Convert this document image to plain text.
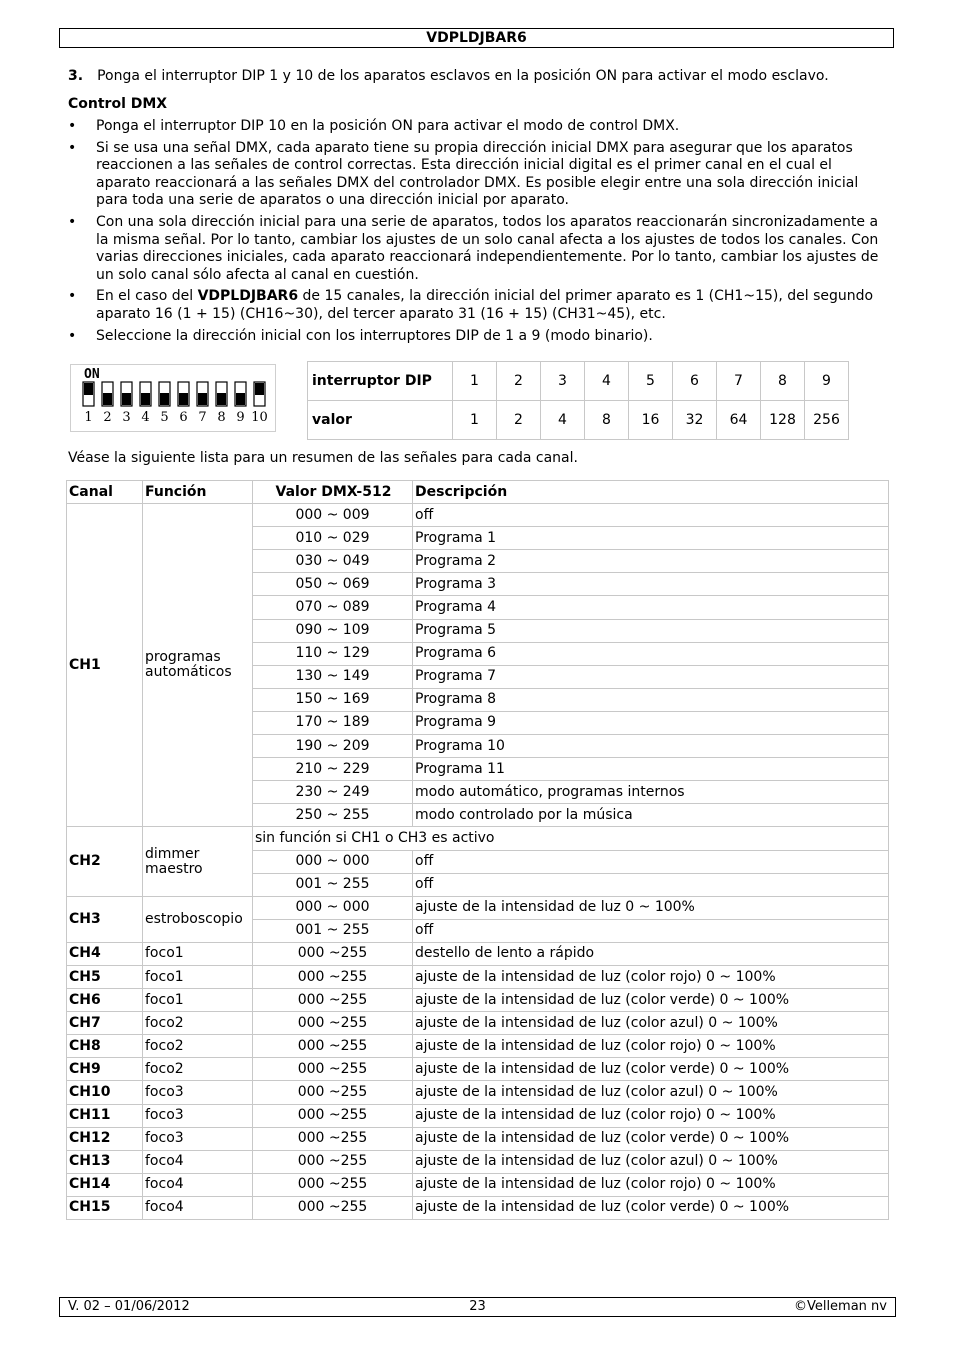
VDPLDJBAR6
3. Ponga el interruptor DIP 1 y 10 de los aparatos esclavos en la posición ON para activar el modo esclavo.
Control DMX
• Ponga el interruptor DIP 10 en la posición ON para activar el modo de control DMX.
• Si se usa una señal DMX, cada aparato tiene su propia dirección inicial DMX para asegurar que los aparatos reaccionen a las señales de control correctas. Esta dirección inicial digital es el primer canal en el cual el aparato reaccionará a las señales DMX del controlador DMX. Es posible elegir entre una sola dirección inicial para toda una serie de aparatos o una dirección inicial por aparato.
• Con una sola dirección inicial para una serie de aparatos, todos los aparatos reaccionarán sincronizadamente a la misma señal. Por lo tanto, cambiar los ajustes de un solo canal afecta a los ajustes de todos los canales. Con varias direcciones iniciales, cada aparato reaccionará independientemente. Por lo tanto, cambiar los ajustes de un solo canal sólo afecta al canal en cuestión.
• En el caso del VDPLDJBAR6 de 15 canales, la dirección inicial del primer aparato es 1 (CH1~15), del segundo aparato 16 (1 + 15) (CH16~30), del tercer aparato 31 (16 + 15) (CH31~45), etc.
• Seleccione la dirección inicial con los interruptores DIP de 1 a 9 (modo binario).
ON
1 2 3 4 5 6 7 8 9 10
interruptor DIP	1	2	3	4	5	6	7	8	9
valor	1	2	4	8	16	32	64	128	256
Véase la siguiente lista para un resumen de las señales para cada canal.
Canal	Función	Valor DMX-512	Descripción
CH1	programas automáticos	000 ~ 009	off
		010 ~ 029	Programa 1
		030 ~ 049	Programa 2
		050 ~ 069	Programa 3
		070 ~ 089	Programa 4
		090 ~ 109	Programa 5
		110 ~ 129	Programa 6
		130 ~ 149	Programa 7
		150 ~ 169	Programa 8
		170 ~ 189	Programa 9
		190 ~ 209	Programa 10
		210 ~ 229	Programa 11
		230 ~ 249	modo automático, programas internos
		250 ~ 255	modo controlado por la música
CH2	dimmer maestro	sin función si CH1 o CH3 es activo	
		000 ~ 000	off
		001 ~ 255	off
CH3	estroboscopio	000 ~ 000	ajuste de la intensidad de luz 0 ~ 100%
		001 ~ 255	off
CH4	foco1	000 ~255	destello de lento a rápido
CH5	foco1	000 ~255	ajuste de la intensidad de luz (color rojo) 0 ~ 100%
CH6	foco1	000 ~255	ajuste de la intensidad de luz (color verde) 0 ~ 100%
CH7	foco2	000 ~255	ajuste de la intensidad de luz (color azul) 0 ~ 100%
CH8	foco2	000 ~255	ajuste de la intensidad de luz (color rojo) 0 ~ 100%
CH9	foco2	000 ~255	ajuste de la intensidad de luz (color verde) 0 ~ 100%
CH10	foco3	000 ~255	ajuste de la intensidad de luz (color azul) 0 ~ 100%
CH11	foco3	000 ~255	ajuste de la intensidad de luz (color rojo) 0 ~ 100%
CH12	foco3	000 ~255	ajuste de la intensidad de luz (color verde) 0 ~ 100%
CH13	foco4	000 ~255	ajuste de la intensidad de luz (color azul) 0 ~ 100%
CH14	foco4	000 ~255	ajuste de la intensidad de luz (color rojo) 0 ~ 100%
CH15	foco4	000 ~255	ajuste de la intensidad de luz (color verde) 0 ~ 100%
V. 02 – 01/06/2012	23	©Velleman nv
